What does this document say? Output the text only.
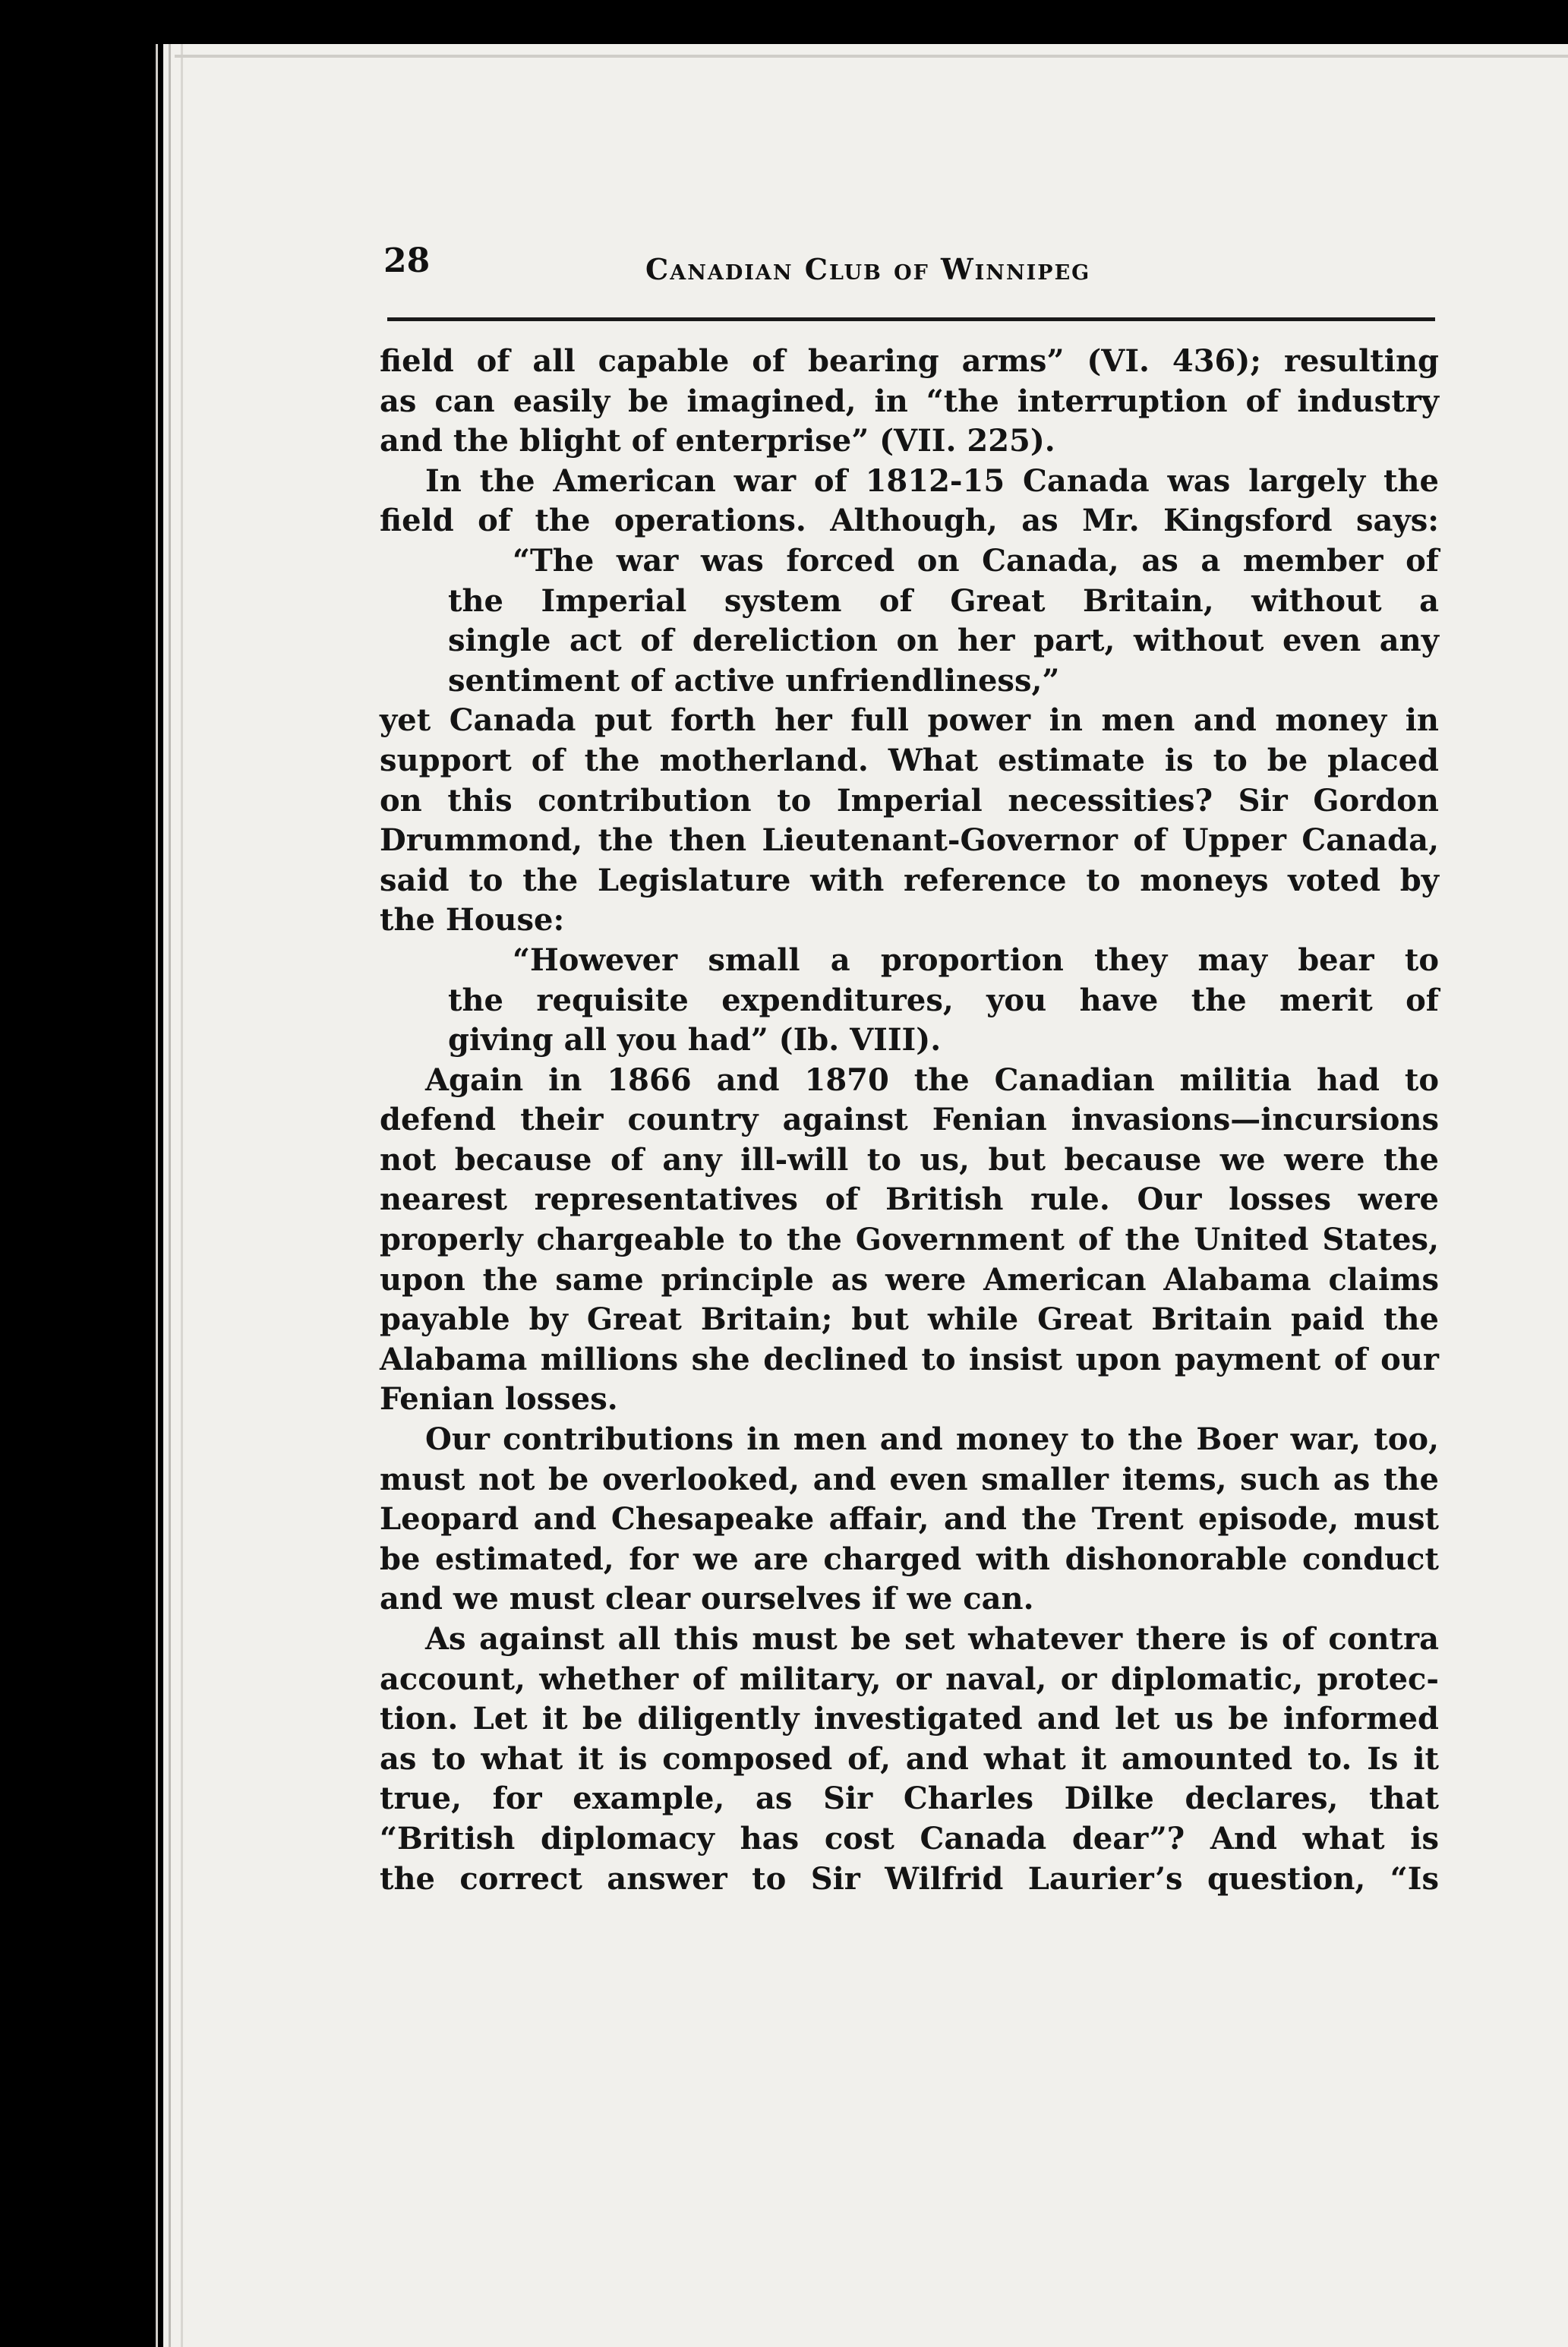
28	Canadian Club of Winnipeg
field of all capable of bearing arms” (VI. 436); resulting
as can easily be imagined, in “the interruption of industry
and the blight of enterprise” (VII. 225).
In the American war of 1812-15 Canada was largely the
field of the operations. Although, as Mr. Kingsford says:
“The war was forced on Canada, as a member of
the Imperial system of Great Britain, without a
single act of dereliction on her part, without even any
sentiment of active unfriendliness,”
yet Canada put forth her full power in men and money in
support of the motherland. What estimate is to be placed
on this contribution to Imperial necessities? Sir Gordon
Drummond, the then Lieutenant-Governor of Upper Canada,
said to the Legislature with reference to moneys voted by
the House:
“However small a proportion they may bear to
the requisite expenditures, you have the merit of
giving all you had” (Ib. VIII).
Again in 1866 and 1870 the Canadian militia had to
defend their country against Fenian invasions—incursions
not because of any ill-will to us, but because we were the
nearest representatives of British rule. Our losses were
properly chargeable to the Government of the United States,
upon the same principle as were American Alabama claims
payable by Great Britain; but while Great Britain paid the
Alabama millions she declined to insist upon payment of our
Fenian losses.
Our contributions in men and money to the Boer war, too,
must not be overlooked, and even smaller items, such as the
Leopard and Chesapeake affair, and the Trent episode, must
be estimated, for we are charged with dishonorable conduct
and we must clear ourselves if we can.
As against all this must be set whatever there is of contra
account, whether of military, or naval, or diplomatic, protec-
tion. Let it be diligently investigated and let us be informed
as to what it is composed of, and what it amounted to. Is it
true, for example, as Sir Charles Dilke declares, that
“British diplomacy has cost Canada dear”? And what is
the correct answer to Sir Wilfrid Laurier’s question, “Is
